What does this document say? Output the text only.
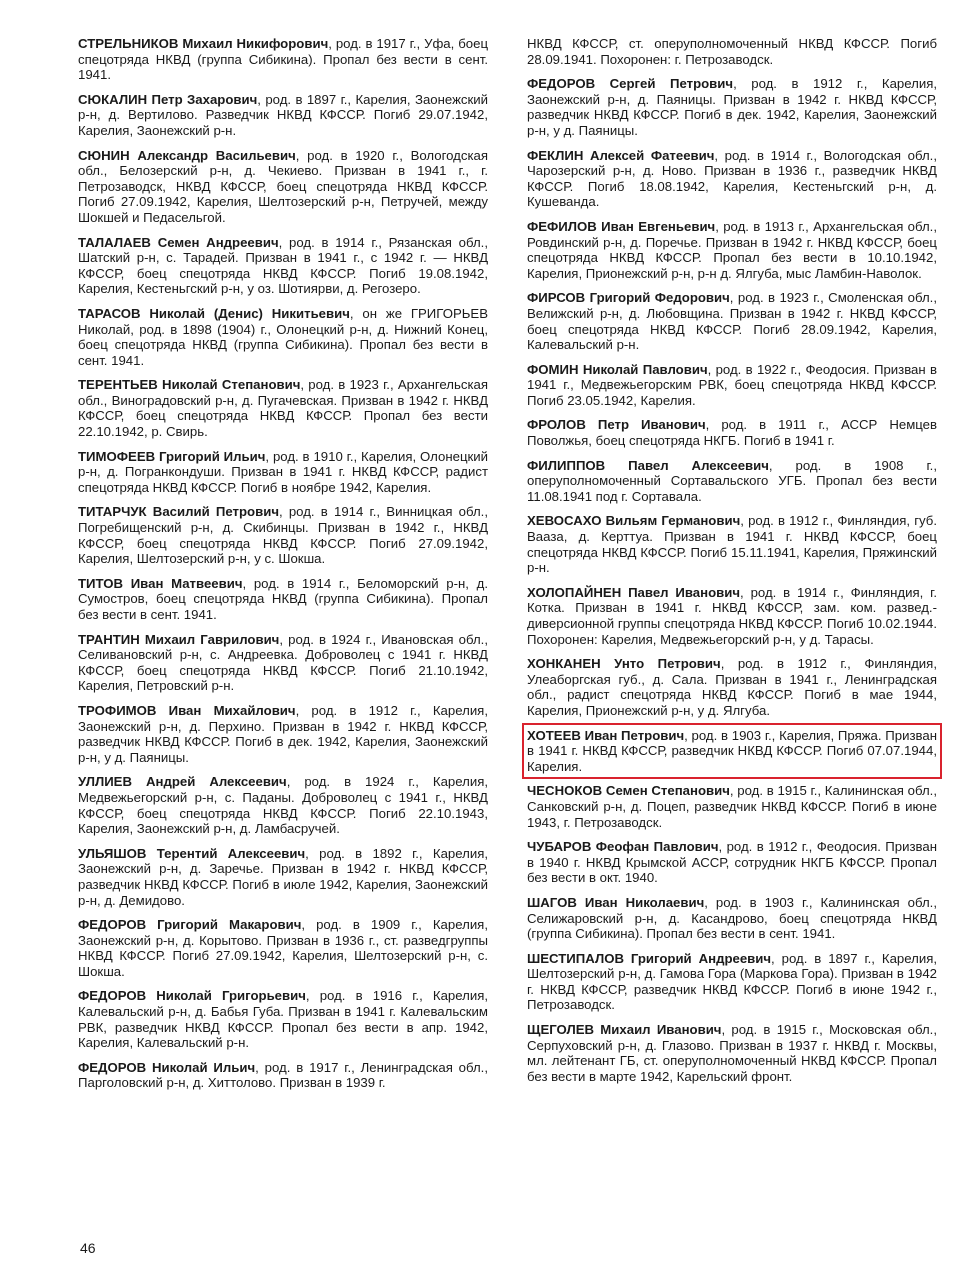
СТРЕЛЬНИКОВ Михаил Никифорович, род. в 1917 г., Уфа, боец спецотряда НКВД (группа Сибикина). Пропал без вести в сент. 1941.

СЮКАЛИН Петр Захарович, род. в 1897 г., Карелия, Заонежский р-н, д. Вертилово. Разведчик НКВД КФССР. Погиб 29.07.1942, Карелия, Заонежский р-н.

СЮНИН Александр Васильевич, род. в 1920 г., Вологодская обл., Белозерский р-н, д. Чекиево. Призван в 1941 г., г. Петрозаводск, НКВД КФССР, боец спецотряда НКВД КФССР. Погиб 27.09.1942, Карелия, Шелтозерский р-н, Петручей, между Шокшей и Педасельгой.

ТАЛАЛАЕВ Семен Андреевич, род. в 1914 г., Рязанская обл., Шатский р-н, с. Тарадей. Призван в 1941 г., с 1942 г. — НКВД КФССР, боец спецотряда НКВД КФССР. Погиб 19.08.1942, Карелия, Кестеньгский р-н, у оз. Шотиярви, д. Регозеро.

ТАРАСОВ Николай (Денис) Никитьевич, он же ГРИГОРЬЕВ Николай, род. в 1898 (1904) г., Олонецкий р-н, д. Нижний Конец, боец спецотряда НКВД (группа Сибикина). Пропал без вести в сент. 1941.

ТЕРЕНТЬЕВ Николай Степанович, род. в 1923 г., Архангельская обл., Виноградовский р-н, д. Пугачевская. Призван в 1942 г. НКВД КФССР, боец спецотряда НКВД КФССР. Пропал без вести 22.10.1942, р. Свирь.

ТИМОФЕЕВ Григорий Ильич, род. в 1910 г., Карелия, Олонецкий р-н, д. Погранкондуши. Призван в 1941 г. НКВД КФССР, радист спецотряда НКВД КФССР. Погиб в ноябре 1942, Карелия.

ТИТАРЧУК Василий Петрович, род. в 1914 г., Винницкая обл., Погребищенский р-н, д. Скибинцы. Призван в 1942 г., НКВД КФССР, боец спецотряда НКВД КФССР. Погиб 27.09.1942, Карелия, Шелтозерский р-н, у с. Шокша.

ТИТОВ Иван Матвеевич, род. в 1914 г., Беломорский р-н, д. Сумостров, боец спецотряда НКВД (группа Сибикина). Пропал без вести в сент. 1941.

ТРАНТИН Михаил Гаврилович, род. в 1924 г., Ивановская обл., Селивановский р-н, с. Андреевка. Доброволец с 1941 г. НКВД КФССР, боец спецотряда НКВД КФССР. Погиб 21.10.1942, Карелия, Петровский р-н.

ТРОФИМОВ Иван Михайлович, род. в 1912 г., Карелия, Заонежский р-н, д. Перхино. Призван в 1942 г. НКВД КФССР, разведчик НКВД КФССР. Погиб в дек. 1942, Карелия, Заонежский р-н, у д. Паяницы.

УЛЛИЕВ Андрей Алексеевич, род. в 1924 г., Карелия, Медвежьегорский р-н, с. Паданы. Доброволец с 1941 г., НКВД КФССР, боец спецотряда НКВД КФССР. Погиб 22.10.1943, Карелия, Заонежский р-н, д. Ламбасручей.

УЛЬЯШОВ Терентий Алексеевич, род. в 1892 г., Карелия, Заонежский р-н, д. Заречье. Призван в 1942 г. НКВД КФССР, разведчик НКВД КФССР. Погиб в июле 1942, Карелия, Заонежский р-н, д. Демидово.

ФЕДОРОВ Григорий Макарович, род. в 1909 г., Карелия, Заонежский р-н, д. Корытово. Призван в 1936 г., ст. разведгруппы НКВД КФССР. Погиб 27.09.1942, Карелия, Шелтозерский р-н, с. Шокша.

ФЕДОРОВ Николай Григорьевич, род. в 1916 г., Карелия, Калевальский р-н, д. Бабья Губа. Призван в 1941 г. Калевальским РВК, разведчик НКВД КФССР. Пропал без вести в апр. 1942, Карелия, Калевальский р-н.

ФЕДОРОВ Николай Ильич, род. в 1917 г., Ленинградская обл., Парголовский р-н, д. Хиттолово. Призван в 1939 г.

НКВД КФССР, ст. оперуполномоченный НКВД КФССР. Погиб 28.09.1941. Похоронен: г. Петрозаводск.

ФЕДОРОВ Сергей Петрович, род. в 1912 г., Карелия, Заонежский р-н, д. Паяницы. Призван в 1942 г. НКВД КФССР, разведчик НКВД КФССР. Погиб в дек. 1942, Карелия, Заонежский р-н, у д. Паяницы.

ФЕКЛИН Алексей Фатеевич, род. в 1914 г., Вологодская обл., Чарозерский р-н, д. Ново. Призван в 1936 г., разведчик НКВД КФССР. Погиб 18.08.1942, Карелия, Кестеньгский р-н, д. Кушеванда.

ФЕФИЛОВ Иван Евгеньевич, род. в 1913 г., Архангельская обл., Ровдинский р-н, д. Поречье. Призван в 1942 г. НКВД КФССР, боец спецотряда НКВД КФССР. Пропал без вести в 10.10.1942, Карелия, Прионежский р-н, р-н д. Ялгуба, мыс Ламбин-Наволок.

ФИРСОВ Григорий Федорович, род. в 1923 г., Смоленская обл., Велижский р-н, д. Любовщина. Призван в 1942 г. НКВД КФССР, боец спецотряда НКВД КФССР. Погиб 28.09.1942, Карелия, Калевальский р-н.

ФОМИН Николай Павлович, род. в 1922 г., Феодосия. Призван в 1941 г., Медвежьегорским РВК, боец спецотряда НКВД КФССР. Погиб 23.05.1942, Карелия.

ФРОЛОВ Петр Иванович, род. в 1911 г., АССР Немцев Поволжья, боец спецотряда НКГБ. Погиб в 1941 г.

ФИЛИППОВ Павел Алексеевич, род. в 1908 г., оперуполномоченный Сортавальского УГБ. Пропал без вести 11.08.1941 под г. Сортавала.

ХЕВОСАХО Вильям Германович, род. в 1912 г., Финляндия, губ. Вааза, д. Керттуа. Призван в 1941 г. НКВД КФССР, боец спецотряда НКВД КФССР. Погиб 15.11.1941, Карелия, Пряжинский р-н.

ХОЛОПАЙНЕН Павел Иванович, род. в 1914 г., Финляндия, г. Котка. Призван в 1941 г. НКВД КФССР, зам. ком. развед.-диверсионной группы спецотряда НКВД КФССР. Погиб 10.02.1944. Похоронен: Карелия, Медвежьегорский р-н, у д. Тарасы.

ХОНКАНЕН Унто Петрович, род. в 1912 г., Финляндия, Улеаборгская губ., д. Сала. Призван в 1941 г., Ленинградская обл., радист спецотряда НКВД КФССР. Погиб в мае 1944, Карелия, Прионежский р-н, у д. Ялгуба.

ХОТЕЕВ Иван Петрович, род. в 1903 г., Карелия, Пряжа. Призван в 1941 г. НКВД КФССР, разведчик НКВД КФССР. Погиб 07.07.1944, Карелия.

ЧЕСНОКОВ Семен Степанович, род. в 1915 г., Калининская обл., Санковский р-н, д. Поцеп, разведчик НКВД КФССР. Погиб в июне 1943, г. Петрозаводск.

ЧУБАРОВ Феофан Павлович, род. в 1912 г., Феодосия. Призван в 1940 г. НКВД Крымской АССР, сотрудник НКГБ КФССР. Пропал без вести в окт. 1940.

ШАГОВ Иван Николаевич, род. в 1903 г., Калининская обл., Селижаровский р-н, д. Касандрово, боец спецотряда НКВД (группа Сибикина). Пропал без вести в сент. 1941.

ШЕСТИПАЛОВ Григорий Андреевич, род. в 1897 г., Карелия, Шелтозерский р-н, д. Гамова Гора (Маркова Гора). Призван в 1942 г. НКВД КФССР, разведчик НКВД КФССР. Погиб в июне 1942 г., Петрозаводск.

ЩЕГОЛЕВ Михаил Иванович, род. в 1915 г., Московская обл., Серпуховский р-н, д. Глазово. Призван в 1937 г. НКВД г. Москвы, мл. лейтенант ГБ, ст. оперуполномоченный НКВД КФССР. Пропал без вести в марте 1942, Карельский фронт.

46
